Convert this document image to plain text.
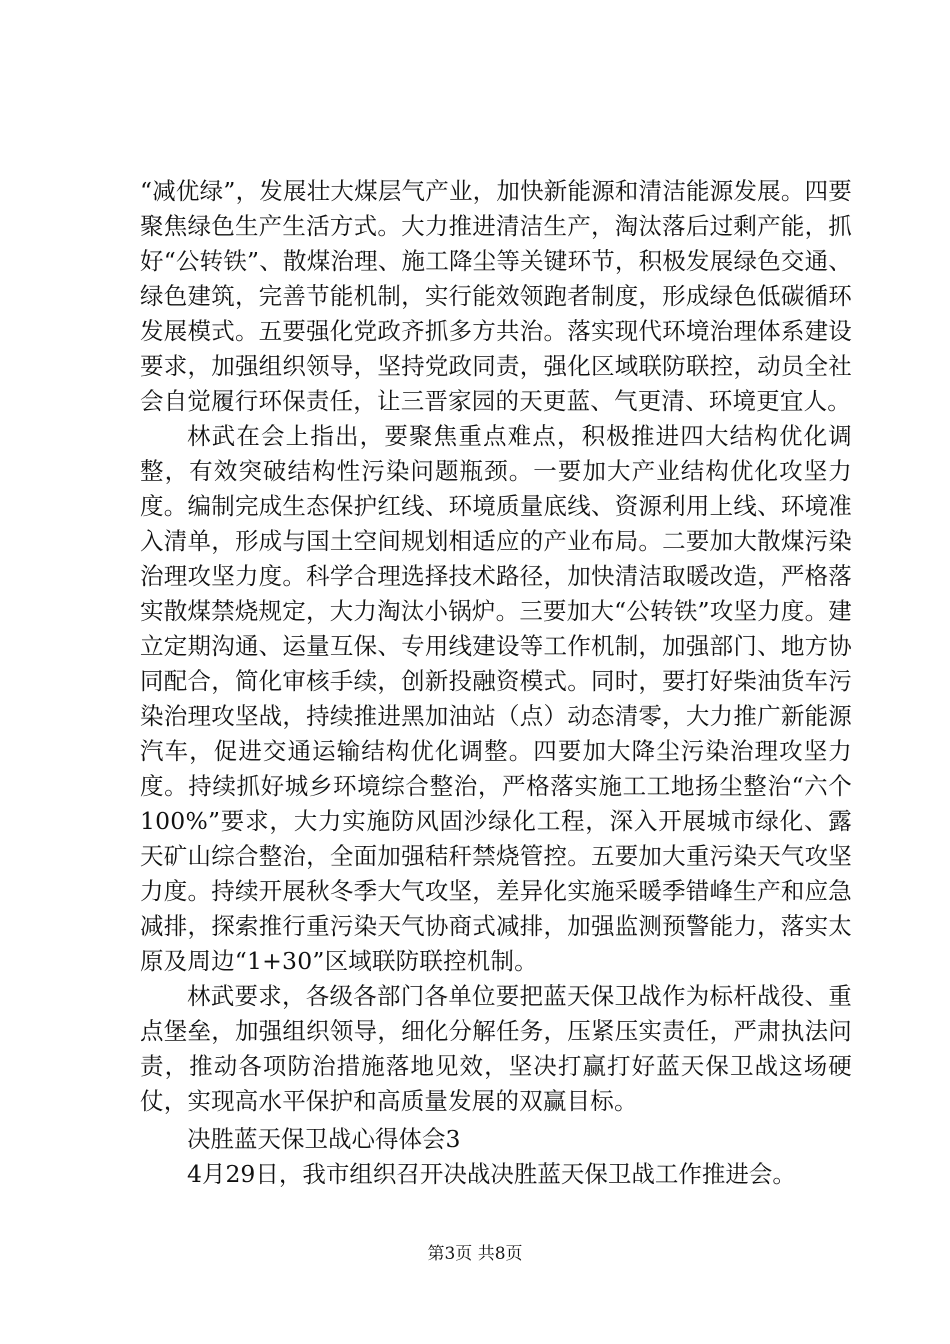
“减优绿”，发展壮大煤层气产业，加快新能源和清洁能源发展。四要聚焦绿色生产生活方式。大力推进清洁生产，淘汰落后过剩产能，抓好“公转铁”、散煤治理、施工降尘等关键环节，积极发展绿色交通、绿色建筑，完善节能机制，实行能效领跑者制度，形成绿色低碳循环发展模式。五要强化党政齐抓多方共治。落实现代环境治理体系建设要求，加强组织领导，坚持党政同责，强化区域联防联控，动员全社会自觉履行环保责任，让三晋家园的天更蓝、气更清、环境更宜人。

林武在会上指出，要聚焦重点难点，积极推进四大结构优化调整，有效突破结构性污染问题瓶颈。一要加大产业结构优化攻坚力度。编制完成生态保护红线、环境质量底线、资源利用上线、环境准入清单，形成与国土空间规划相适应的产业布局。二要加大散煤污染治理攻坚力度。科学合理选择技术路径，加快清洁取暖改造，严格落实散煤禁烧规定，大力淘汰小锅炉。三要加大“公转铁”攻坚力度。建立定期沟通、运量互保、专用线建设等工作机制，加强部门、地方协同配合，简化审核手续，创新投融资模式。同时，要打好柴油货车污染治理攻坚战，持续推进黑加油站（点）动态清零，大力推广新能源汽车，促进交通运输结构优化调整。四要加大降尘污染治理攻坚力度。持续抓好城乡环境综合整治，严格落实施工工地扬尘整治“六个100%”要求，大力实施防风固沙绿化工程，深入开展城市绿化、露天矿山综合整治，全面加强秸秆禁烧管控。五要加大重污染天气攻坚力度。持续开展秋冬季大气攻坚，差异化实施采暖季错峰生产和应急减排，探索推行重污染天气协商式减排，加强监测预警能力，落实太原及周边“1+30”区域联防联控机制。

林武要求，各级各部门各单位要把蓝天保卫战作为标杆战役、重点堡垒，加强组织领导，细化分解任务，压紧压实责任，严肃执法问责，推动各项防治措施落地见效，坚决打赢打好蓝天保卫战这场硬仗，实现高水平保护和高质量发展的双赢目标。

决胜蓝天保卫战心得体会3
4月29日，我市组织召开决战决胜蓝天保卫战工作推进会。
第3页 共8页
